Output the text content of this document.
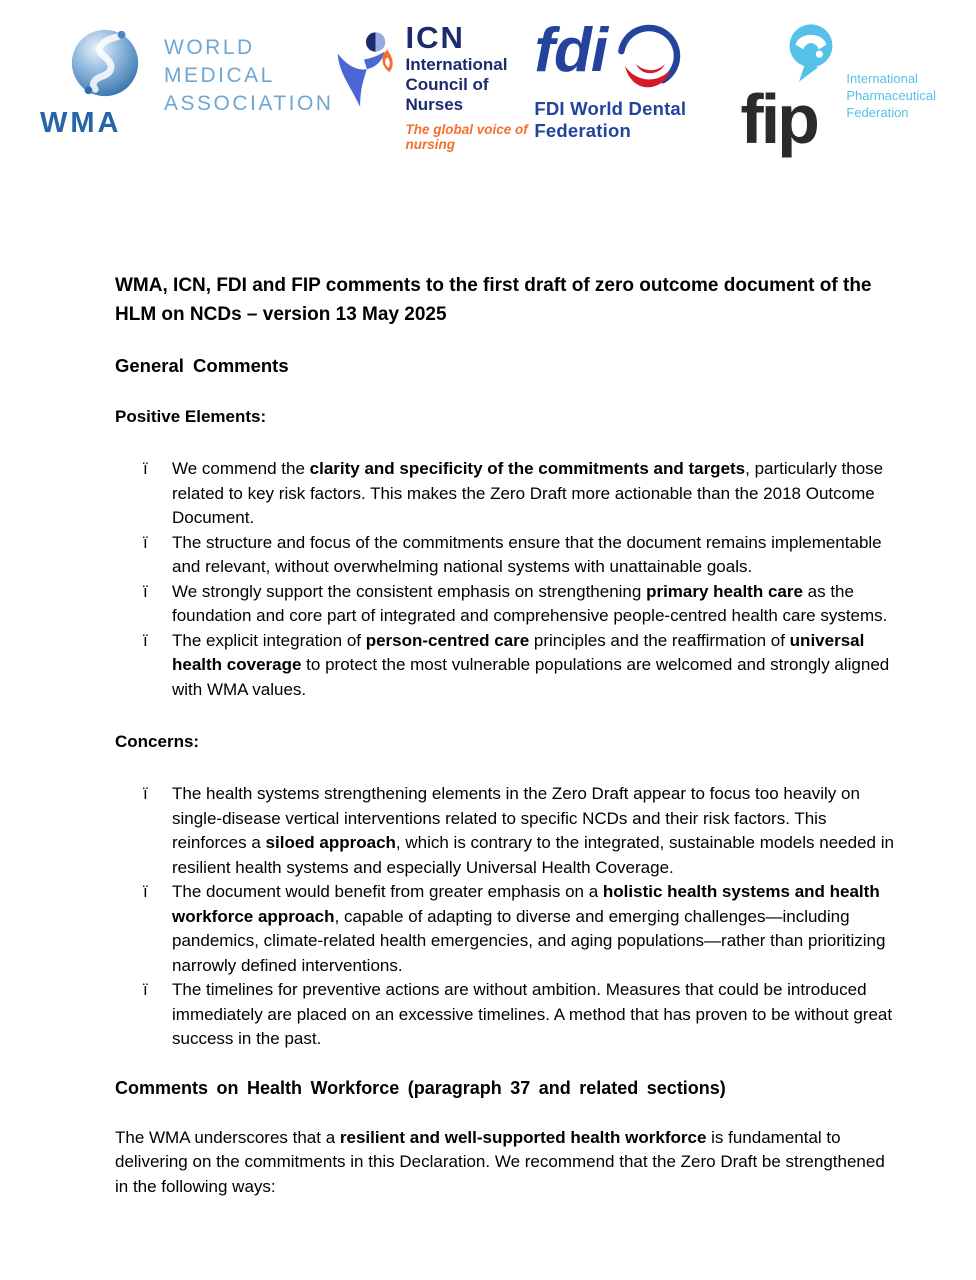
WMA
WORLD
MEDICAL
ASSOCIATION
ICN
International
Council of Nurses
The global voice of nursing
fdi
FDI World Dental Federation	fip
International
Pharmaceutical
Federation
WMA, ICN, FDI and FIP comments to the first draft of zero outcome document of the HLM on NCDs – version 13 May 2025
General Comments
Positive Elements:
ï We commend the clarity and specificity of the commitments and targets, particularly those related to key risk factors. This makes the Zero Draft more actionable than the 2018 Outcome Document.
ï The structure and focus of the commitments ensure that the document remains implementable and relevant, without overwhelming national systems with unattainable goals.
ï We strongly support the consistent emphasis on strengthening primary health care as the foundation and core part of integrated and comprehensive people-centred health care systems.
ï The explicit integration of person-centred care principles and the reaffirmation of universal health coverage to protect the most vulnerable populations are welcomed and strongly aligned with WMA values.
Concerns:
ï The health systems strengthening elements in the Zero Draft appear to focus too heavily on single-disease vertical interventions related to specific NCDs and their risk factors. This reinforces a siloed approach, which is contrary to the integrated, sustainable models needed in resilient health systems and especially Universal Health Coverage.
ï The document would benefit from greater emphasis on a holistic health systems and health workforce approach, capable of adapting to diverse and emerging challenges—including pandemics, climate-related health emergencies, and aging populations—rather than prioritizing narrowly defined interventions.
ï The timelines for preventive actions are without ambition. Measures that could be introduced immediately are placed on an excessive timelines. A method that has proven to be without great success in the past.
Comments on Health Workforce (paragraph 37 and related sections)

The WMA underscores that a resilient and well-supported health workforce is fundamental to delivering on the commitments in this Declaration. We recommend that the Zero Draft be strengthened in the following ways:
